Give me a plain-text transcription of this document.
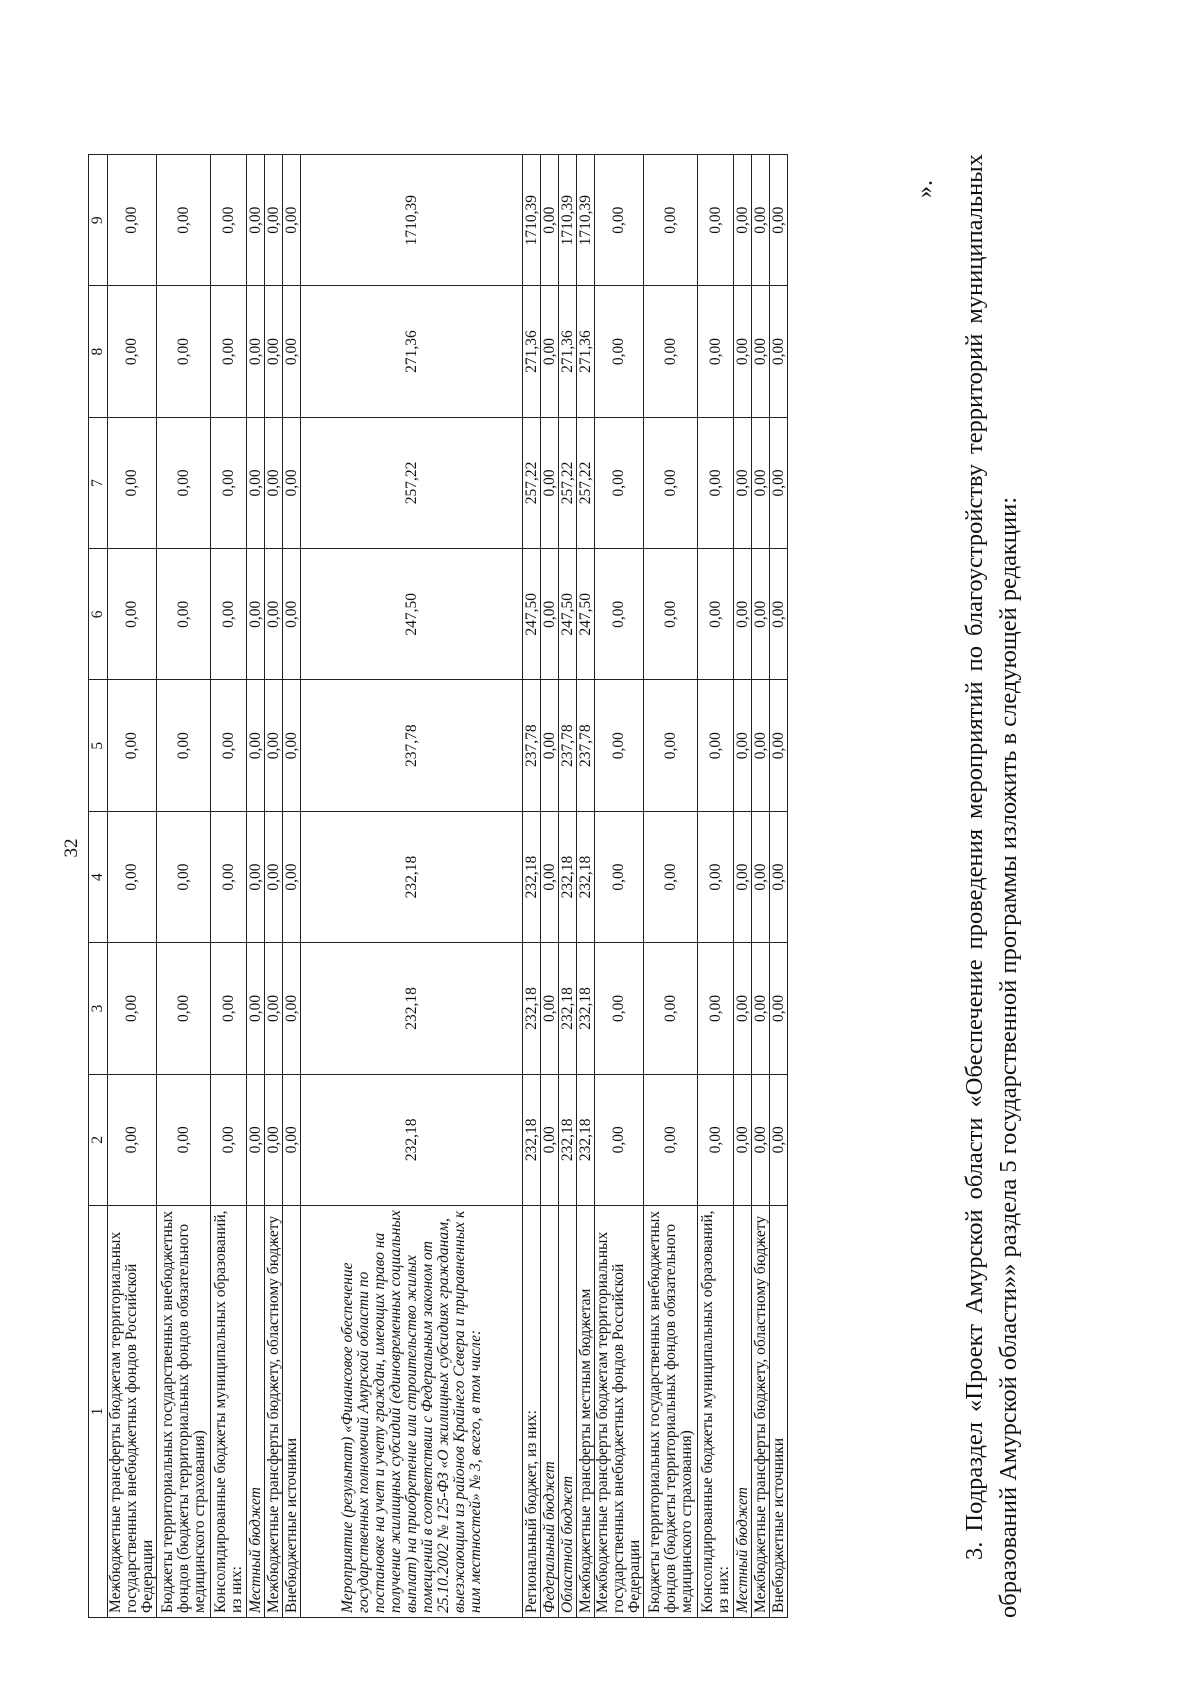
32
1	2	3	4	5	6	7	8	9
Межбюджетные трансферты бюджетам территориальных государственных внебюджетных фондов Российской Федерации	0,00	0,00	0,00	0,00	0,00	0,00	0,00	0,00
Бюджеты территориальных государственных внебюджетных фондов (бюджеты территориальных фондов обязательного медицинского страхования)	0,00	0,00	0,00	0,00	0,00	0,00	0,00	0,00
Консолидированные бюджеты муниципальных образований, из них:	0,00	0,00	0,00	0,00	0,00	0,00	0,00	0,00
Местный бюджет	0,00	0,00	0,00	0,00	0,00	0,00	0,00	0,00
Межбюджетные трансферты бюджету, областному бюджету	0,00	0,00	0,00	0,00	0,00	0,00	0,00	0,00
Внебюджетные источники	0,00	0,00	0,00	0,00	0,00	0,00	0,00	0,00
Мероприятие (результат) «Финансовое обеспечение государственных полномочий Амурской области по постановке на учет и учету граждан, имеющих право на получение жилищных субсидий (единовременных социальных выплат) на приобретение или строительство жилых помещений в соответствии с Федеральным законом от 25.10.2002 № 125-ФЗ «О жилищных субсидиях гражданам, выезжающим из районов Крайнего Севера и приравненных к ним местностей» № 3, всего, в том числе:	232,18	232,18	232,18	237,78	247,50	257,22	271,36	1710,39
Региональный бюджет, из них:	232,18	232,18	232,18	237,78	247,50	257,22	271,36	1710,39
Федеральный бюджет	0,00	0,00	0,00	0,00	0,00	0,00	0,00	0,00
Областной бюджет	232,18	232,18	232,18	237,78	247,50	257,22	271,36	1710,39
Межбюджетные трансферты местным бюджетам	232,18	232,18	232,18	237,78	247,50	257,22	271,36	1710,39
Межбюджетные трансферты бюджетам территориальных государственных внебюджетных фондов Российской Федерации	0,00	0,00	0,00	0,00	0,00	0,00	0,00	0,00
Бюджеты территориальных государственных внебюджетных фондов (бюджеты территориальных фондов обязательного медицинского страхования)	0,00	0,00	0,00	0,00	0,00	0,00	0,00	0,00
Консолидированные бюджеты муниципальных образований, из них:	0,00	0,00	0,00	0,00	0,00	0,00	0,00	0,00
Местный бюджет	0,00	0,00	0,00	0,00	0,00	0,00	0,00	0,00
Межбюджетные трансферты бюджету, областному бюджету	0,00	0,00	0,00	0,00	0,00	0,00	0,00	0,00
Внебюджетные источники	0,00	0,00	0,00	0,00	0,00	0,00	0,00	0,00
». 3. Подраздел «Проект Амурской области «Обеспечение проведения мероприятий по благоустройству территорий муниципальных образований Амурской области»» раздела 5 государственной программы изложить в следующей редакции:
